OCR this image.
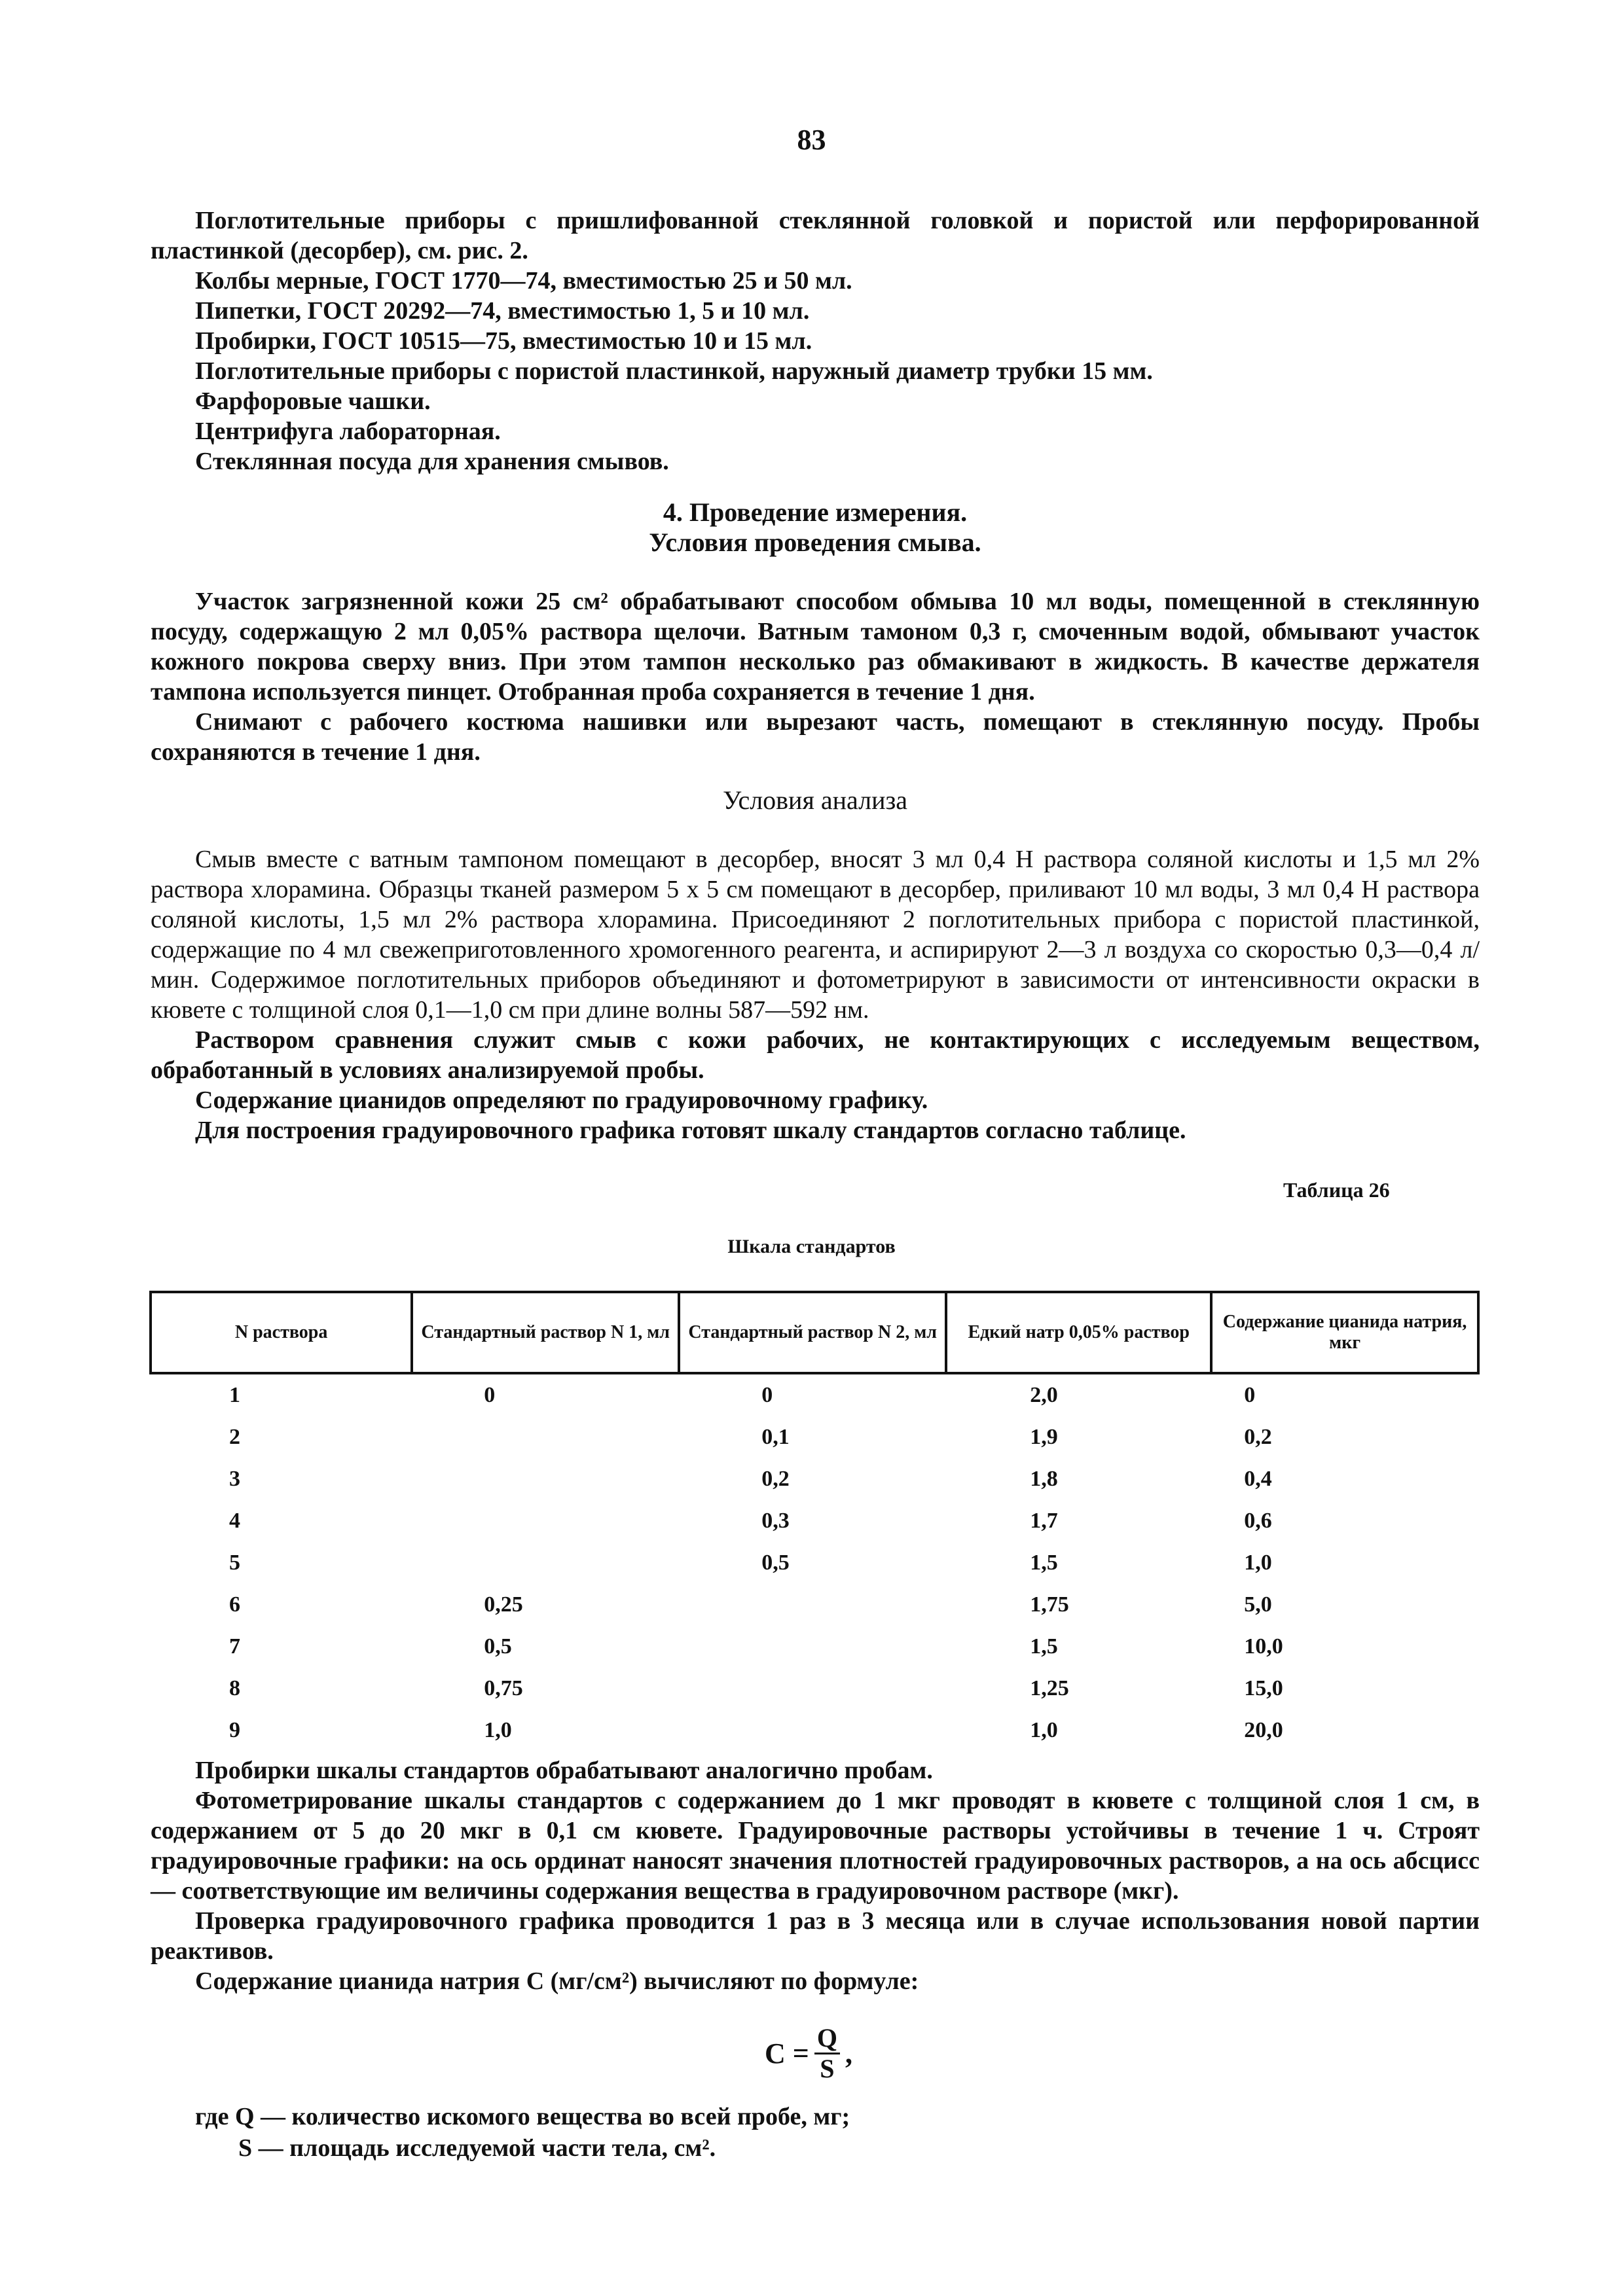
83

Поглотительные приборы с пришлифованной стеклянной головкой и пористой или перфорированной пластинкой (десорбер), см. рис. 2.

Колбы мерные, ГОСТ 1770—74, вместимостью 25 и 50 мл.

Пипетки, ГОСТ 20292—74, вместимостью 1, 5 и 10 мл.

Пробирки, ГОСТ 10515—75, вместимостью 10 и 15 мл.

Поглотительные приборы с пористой пластинкой, наружный диаметр трубки 15 мм.

Фарфоровые чашки.

Центрифуга лабораторная.

Стеклянная посуда для хранения смывов.

4. Проведение измерения.

Условия проведения смыва.

Участок загрязненной кожи 25 см² обрабатывают способом обмыва 10 мл воды, помещенной в стеклянную посуду, содержащую 2 мл 0,05% раствора щелочи. Ватным тамоном 0,3 г, смоченным водой, обмывают участок кожного покрова сверху вниз. При этом тампон несколько раз обмакивают в жидкость. В качестве держателя тампона используется пинцет. Отобранная проба сохраняется в течение 1 дня.

Снимают с рабочего костюма нашивки или вырезают часть, помещают в стеклянную посуду. Пробы сохраняются в течение 1 дня.

Условия анализа

Смыв вместе с ватным тампоном помещают в десорбер, вносят 3 мл 0,4 Н раствора соляной кислоты и 1,5 мл 2% раствора хлорамина. Образцы тканей размером 5 х 5 см помещают в десорбер, приливают 10 мл воды, 3 мл 0,4 Н раствора соляной кислоты, 1,5 мл 2% раствора хлорамина. Присоединяют 2 поглотительных прибора с пористой пластинкой, содержащие по 4 мл свежеприготовленного хромогенного реагента, и аспирируют 2—3 л воздуха со скоростью 0,3—0,4 л/мин. Содержимое поглотительных приборов объединяют и фотометрируют в зависимости от интенсивности окраски в кювете с толщиной слоя 0,1—1,0 см при длине волны 587—592 нм.

Раствором сравнения служит смыв с кожи рабочих, не контактирующих с исследуемым веществом, обработанный в условиях анализируемой пробы.

Содержание цианидов определяют по градуировочному графику.

Для построения градуировочного графика готовят шкалу стандартов согласно таблице.

Таблица 26
Шкала стандартов
N раствора	Стандартный раствор N 1, мл	Стандартный раствор N 2, мл	Едкий натр 0,05% раствор	Содержание цианида натрия, мкг
1	0	0	2,0	0
2		0,1	1,9	0,2
3		0,2	1,8	0,4
4		0,3	1,7	0,6
5		0,5	1,5	1,0
6	0,25		1,75	5,0
7	0,5		1,5	10,0
8	0,75		1,25	15,0
9	1,0		1,0	20,0

Пробирки шкалы стандартов обрабатывают аналогично пробам.

Фотометрирование шкалы стандартов с содержанием до 1 мкг проводят в кювете с толщиной слоя 1 см, в содержанием от 5 до 20 мкг в 0,1 см кювете. Градуировочные растворы устойчивы в течение 1 ч. Строят градуировочные графики: на ось ординат наносят значения плотностей градуировочных растворов, а на ось абсцисс — соответствующие им величины содержания вещества в градуировочном растворе (мкг).

Проверка градуировочного графика проводится 1 раз в 3 месяца или в случае использования новой партии реактивов.

Содержание цианида натрия С (мг/см²) вычисляют по формуле:

$С = \frac{Q}{S}$ ,
где Q — количество искомого вещества во всей пробе, мг;
S — площадь исследуемой части тела, см².
